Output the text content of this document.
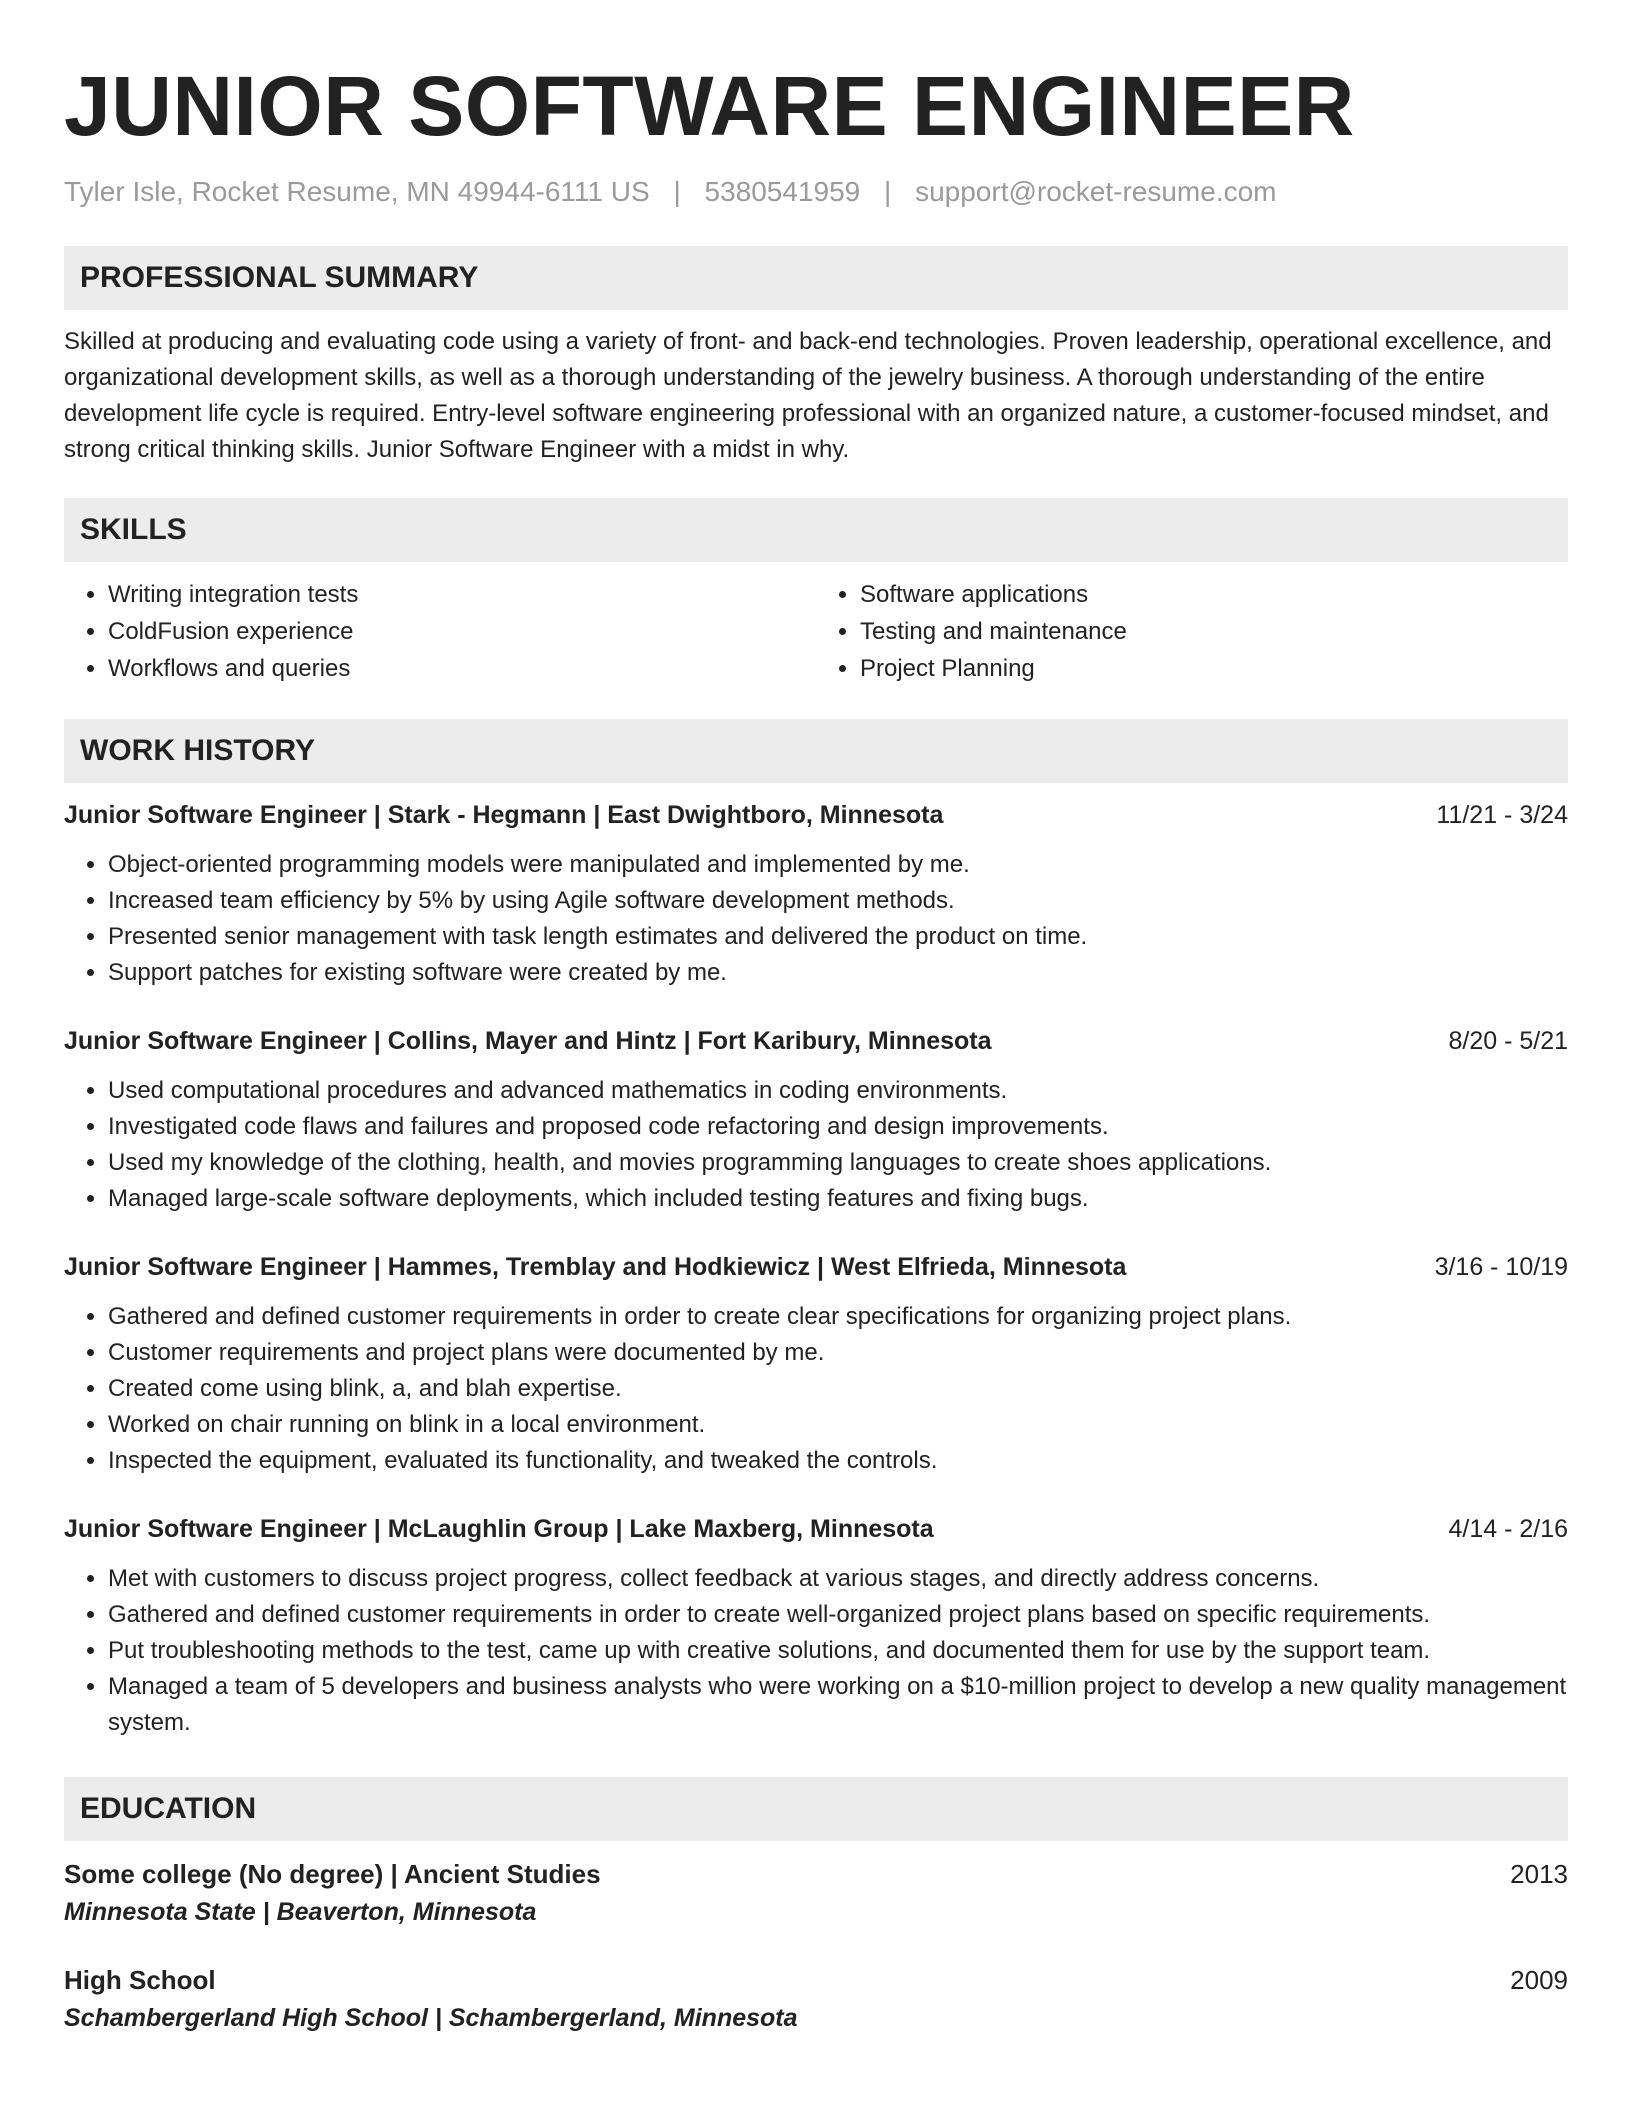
JUNIOR SOFTWARE ENGINEER
Tyler Isle, Rocket Resume, MN 49944-6111 US | 5380541959 | support@rocket-resume.com
PROFESSIONAL SUMMARY

Skilled at producing and evaluating code using a variety of front- and back-end technologies. Proven leadership, operational excellence, and organizational development skills, as well as a thorough understanding of the jewelry business. A thorough understanding of the entire development life cycle is required. Entry-level software engineering professional with an organized nature, a customer-focused mindset, and strong critical thinking skills. Junior Software Engineer with a midst in why.

SKILLS
• Writing integration tests
• ColdFusion experience
• Workflows and queries
• Software applications
• Testing and maintenance
• Project Planning
WORK HISTORY
Junior Software Engineer | Stark - Hegmann | East Dwightboro, Minnesota	11/21 - 3/24
• Object-oriented programming models were manipulated and implemented by me.
• Increased team efficiency by 5% by using Agile software development methods.
• Presented senior management with task length estimates and delivered the product on time.
• Support patches for existing software were created by me.
Junior Software Engineer | Collins, Mayer and Hintz | Fort Karibury, Minnesota	8/20 - 5/21
• Used computational procedures and advanced mathematics in coding environments.
• Investigated code flaws and failures and proposed code refactoring and design improvements.
• Used my knowledge of the clothing, health, and movies programming languages to create shoes applications.
• Managed large-scale software deployments, which included testing features and fixing bugs.
Junior Software Engineer | Hammes, Tremblay and Hodkiewicz | West Elfrieda, Minnesota	3/16 - 10/19
• Gathered and defined customer requirements in order to create clear specifications for organizing project plans.
• Customer requirements and project plans were documented by me.
• Created come using blink, a, and blah expertise.
• Worked on chair running on blink in a local environment.
• Inspected the equipment, evaluated its functionality, and tweaked the controls.
Junior Software Engineer | McLaughlin Group | Lake Maxberg, Minnesota	4/14 - 2/16
• Met with customers to discuss project progress, collect feedback at various stages, and directly address concerns.
• Gathered and defined customer requirements in order to create well-organized project plans based on specific requirements.
• Put troubleshooting methods to the test, came up with creative solutions, and documented them for use by the support team.
• Managed a team of 5 developers and business analysts who were working on a $10-million project to develop a new quality management system.
EDUCATION
Some college (No degree) | Ancient Studies	2013
Minnesota State | Beaverton, Minnesota
High School	2009
Schambergerland High School | Schambergerland, Minnesota
